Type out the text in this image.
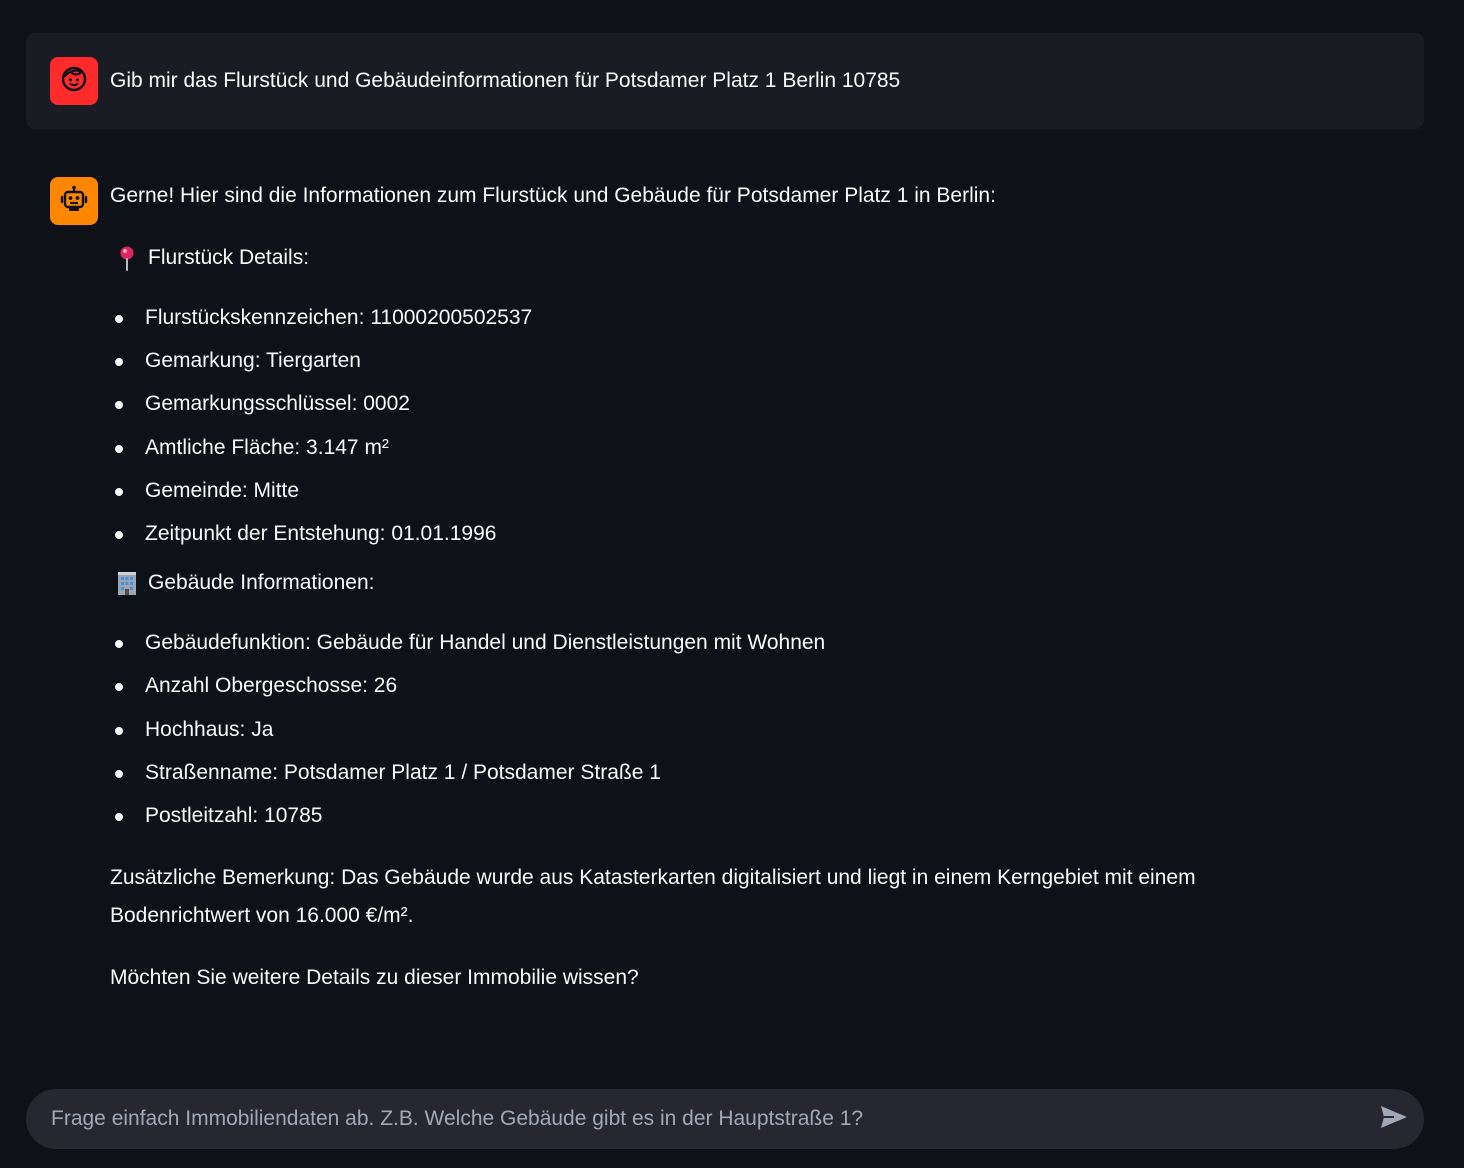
Gib mir das Flurstück und Gebäudeinformationen für Potsdamer Platz 1 Berlin 10785

Gerne! Hier sind die Informationen zum Flurstück und Gebäude für Potsdamer Platz 1 in Berlin:

Flurstück Details:
Flurstückskennzeichen: 11000200502537
Gemarkung: Tiergarten
Gemarkungsschlüssel: 0002
Amtliche Fläche: 3.147 m²
Gemeinde: Mitte
Zeitpunkt der Entstehung: 01.01.1996
Gebäude Informationen:
Gebäudefunktion: Gebäude für Handel und Dienstleistungen mit Wohnen
Anzahl Obergeschosse: 26
Hochhaus: Ja
Straßenname: Potsdamer Platz 1 / Potsdamer Straße 1
Postleitzahl: 10785
Zusätzliche Bemerkung: Das Gebäude wurde aus Katasterkarten digitalisiert und liegt in einem Kerngebiet mit einem
Bodenrichtwert von 16.000 €/m².

Möchten Sie weitere Details zu dieser Immobilie wissen?

Frage einfach Immobiliendaten ab. Z.B. Welche Gebäude gibt es in der Hauptstraße 1?
